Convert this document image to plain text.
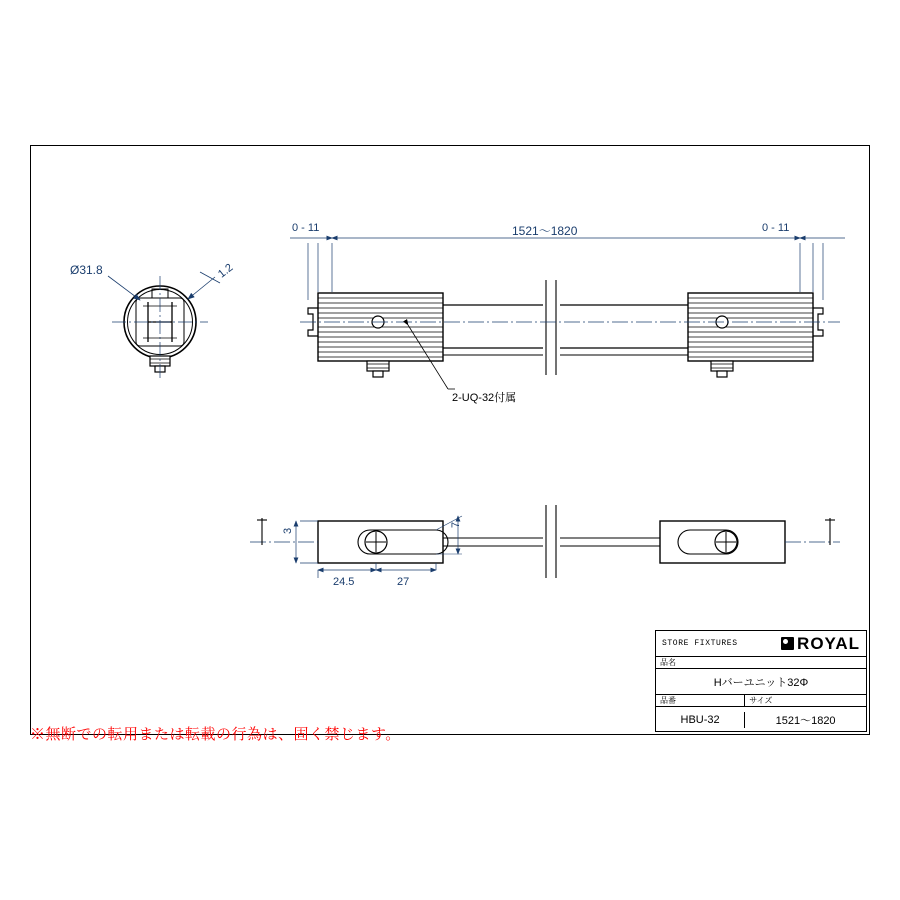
0 - 11	1521〜1820	0 - 11
Ø31.8	1.2
2-UQ-32付属
3
7
24.5	27
STORE FIXTURES	ROYAL
品名
Hバーユニット32Φ
品番	サイズ
HBU-32	1521〜1820
※無断での転用または転載の行為は、固く禁じます。
